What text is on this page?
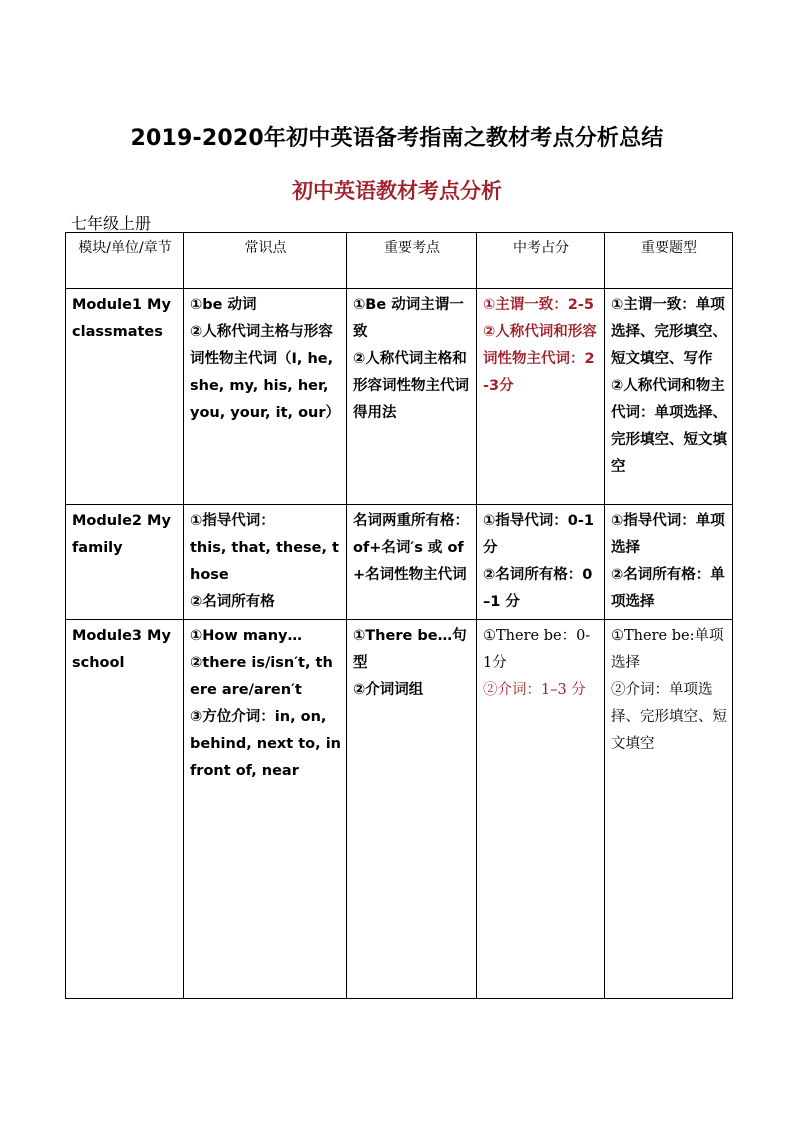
2019-2020年初中英语备考指南之教材考点分析总结
初中英语教材考点分析
七年级上册
模块/单位/章节	常识点	重要考点	中考占分	重要题型
Module1 My classmates	①be 动词
②人称代词主格与形容词性物主代词（I, he, she, my, his, her, you, your, it, our）	①Be 动词主谓一致
②人称代词主格和形容词性物主代词得用法	①主谓一致：2-5
②人称代词和形容词性物主代词：2-3分	①主谓一致：单项选择、完形填空、短文填空、写作
②人称代词和物主代词：单项选择、完形填空、短文填空

Module2 My family	①指导代词：
this, that, these, those
②名词所有格	名词两重所有格：of+名词′s 或 of+名词性物主代词	①指导代词：0-1分
②名词所有格：0–1 分	①指导代词：单项选择
②名词所有格：单项选择

Module3 My school	①How many…
②there is/isn′t, there are/aren′t
③方位介词：in, on, behind, next to, in front of, near	①There be…句型
②介词词组	①There be：0-1分
②介词：1–3 分	①There be:单项选择
②介词：单项选择、完形填空、短文填空
